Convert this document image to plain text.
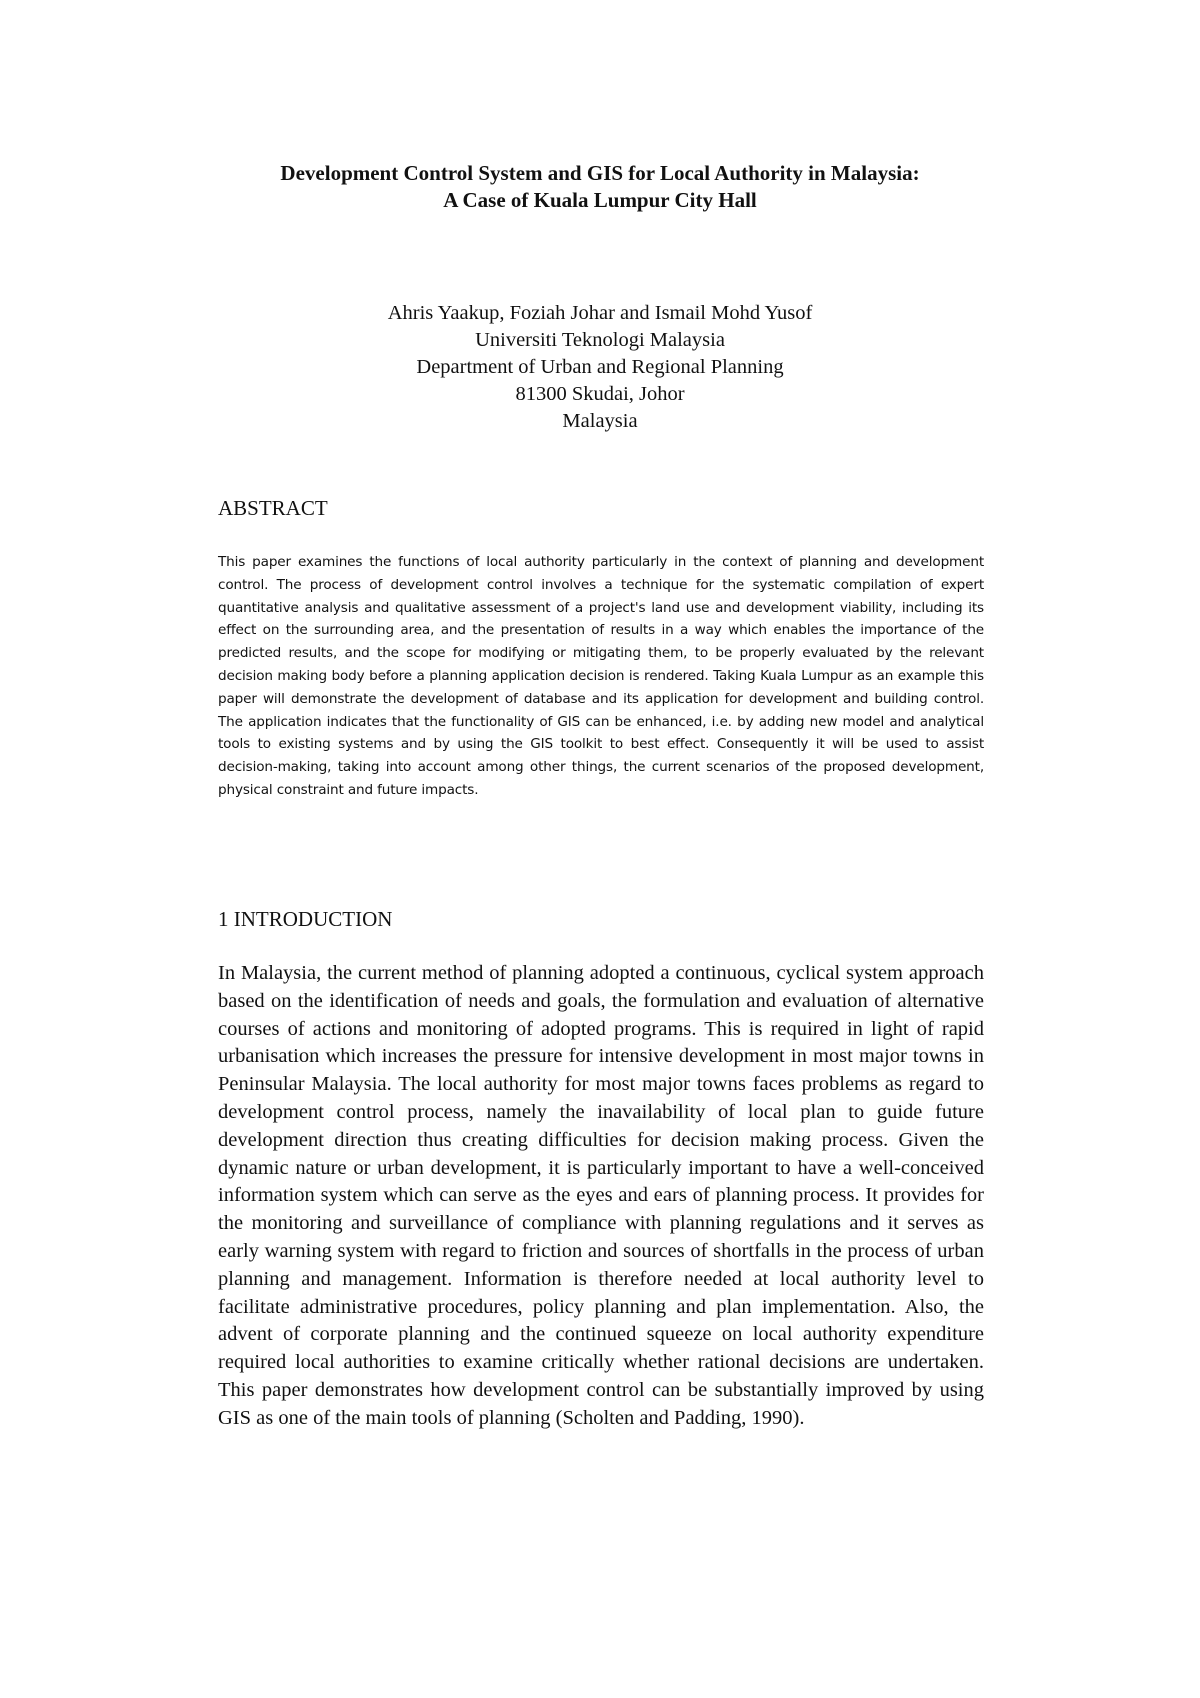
Development Control System and GIS for Local Authority in Malaysia:
A Case of Kuala Lumpur City Hall
Ahris Yaakup, Foziah Johar and Ismail Mohd Yusof
Universiti Teknologi Malaysia
Department of Urban and Regional Planning
81300 Skudai, Johor
Malaysia
ABSTRACT

This paper examines the functions of local authority particularly in the context of planning and development control. The process of development control involves a technique for the systematic compilation of expert quantitative analysis and qualitative assessment of a project's land use and development viability, including its effect on the surrounding area, and the presentation of results in a way which enables the importance of the predicted results, and the scope for modifying or mitigating them, to be properly evaluated by the relevant decision making body before a planning application decision is rendered. Taking Kuala Lumpur as an example this paper will demonstrate the development of database and its application for development and building control. The application indicates that the functionality of GIS can be enhanced, i.e. by adding new model and analytical tools to existing systems and by using the GIS toolkit to best effect. Consequently it will be used to assist decision-making, taking into account among other things, the current scenarios of the proposed development, physical constraint and future impacts.

1 INTRODUCTION

In Malaysia, the current method of planning adopted a continuous, cyclical system approach based on the identification of needs and goals, the formulation and evaluation of alternative courses of actions and monitoring of adopted programs. This is required in light of rapid urbanisation which increases the pressure for intensive development in most major towns in Peninsular Malaysia. The local authority for most major towns faces problems as regard to development control process, namely the inavailability of local plan to guide future development direction thus creating difficulties for decision making process. Given the dynamic nature or urban development, it is particularly important to have a well-conceived information system which can serve as the eyes and ears of planning process. It provides for the monitoring and surveillance of compliance with planning regulations and it serves as early warning system with regard to friction and sources of shortfalls in the process of urban planning and management. Information is therefore needed at local authority level to facilitate administrative procedures, policy planning and plan implementation. Also, the advent of corporate planning and the continued squeeze on local authority expenditure required local authorities to examine critically whether rational decisions are undertaken. This paper demonstrates how development control can be substantially improved by using GIS as one of the main tools of planning (Scholten and Padding, 1990).
